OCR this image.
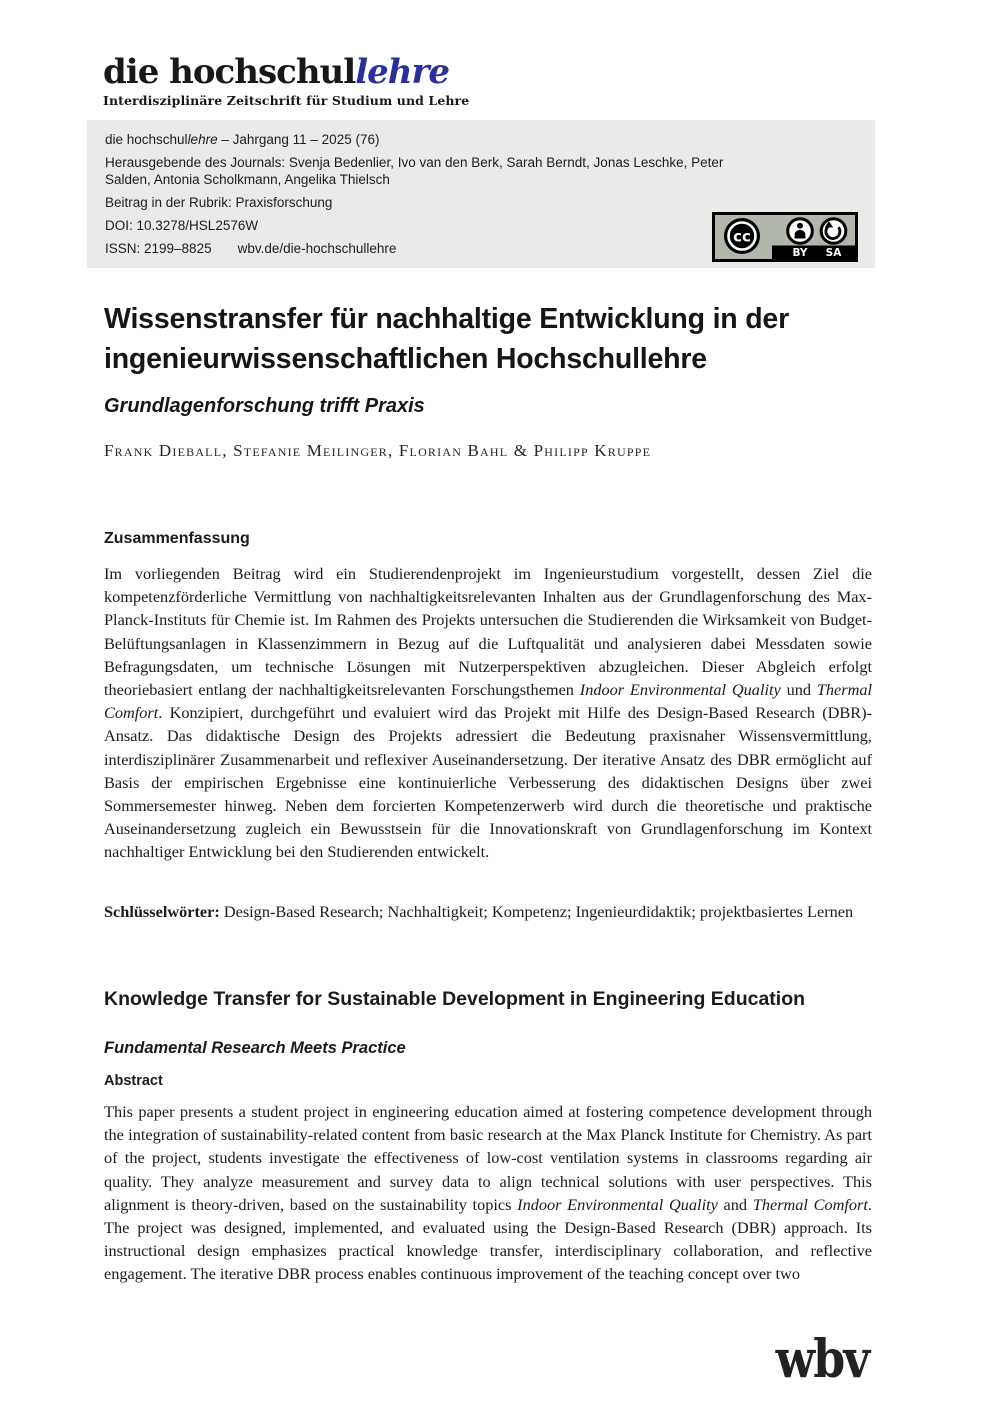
die hochschullehre
Interdisziplinäre Zeitschrift für Studium und Lehre
die hochschullehre – Jahrgang 11 – 2025 (76)
Herausgebende des Journals: Svenja Bedenlier, Ivo van den Berk, Sarah Berndt, Jonas Leschke, Peter Salden, Antonia Scholkmann, Angelika Thielsch
Beitrag in der Rubrik: Praxisforschung
DOI: 10.3278/HSL2576W
ISSN: 2199–8825 wbv.de/die-hochschullehre
cc
BY SA
Wissenstransfer für nachhaltige Entwicklung in der
ingenieurwissenschaftlichen Hochschullehre
Grundlagenforschung trifft Praxis
Frank Dieball, Stefanie Meilinger, Florian Bahl & Philipp Kruppe
Zusammenfassung
Im vorliegenden Beitrag wird ein Studierendenprojekt im Ingenieurstudium vorgestellt, dessen Ziel die kompetenzförderliche Vermittlung von nachhaltigkeitsrelevanten Inhalten aus der Grundlagenforschung des Max-Planck-Instituts für Chemie ist. Im Rahmen des Projekts untersuchen die Studierenden die Wirksamkeit von Budget-Belüftungsanlagen in Klassenzimmern in Bezug auf die Luftqualität und analysieren dabei Messdaten sowie Befragungsdaten, um technische Lösungen mit Nutzerperspektiven abzugleichen. Dieser Abgleich erfolgt theoriebasiert entlang der nachhaltigkeitsrelevanten Forschungsthemen Indoor Environmental Quality und Thermal Comfort. Konzipiert, durchgeführt und evaluiert wird das Projekt mit Hilfe des Design-Based Research (DBR)-Ansatz. Das didaktische Design des Projekts adressiert die Bedeutung praxisnaher Wissensvermittlung, interdisziplinärer Zusammenarbeit und reflexiver Auseinandersetzung. Der iterative Ansatz des DBR ermöglicht auf Basis der empirischen Ergebnisse eine kontinuierliche Verbesserung des didaktischen Designs über zwei Sommersemester hinweg. Neben dem forcierten Kompetenzerwerb wird durch die theoretische und praktische Auseinandersetzung zugleich ein Bewusstsein für die Innovationskraft von Grundlagenforschung im Kontext nachhaltiger Entwicklung bei den Studierenden entwickelt.
Schlüsselwörter: Design-Based Research; Nachhaltigkeit; Kompetenz; Ingenieurdidaktik; projektbasiertes Lernen
Knowledge Transfer for Sustainable Development in Engineering Education
Fundamental Research Meets Practice
Abstract
This paper presents a student project in engineering education aimed at fostering competence development through the integration of sustainability-related content from basic research at the Max Planck Institute for Chemistry. As part of the project, students investigate the effectiveness of low-cost ventilation systems in classrooms regarding air quality. They analyze measurement and survey data to align technical solutions with user perspectives. This alignment is theory-driven, based on the sustainability topics Indoor Environmental Quality and Thermal Comfort. The project was designed, implemented, and evaluated using the Design-Based Research (DBR) approach. Its instructional design emphasizes practical knowledge transfer, interdisciplinary collaboration, and reflective engagement. The iterative DBR process enables continuous improvement of the teaching concept over two
wbv
